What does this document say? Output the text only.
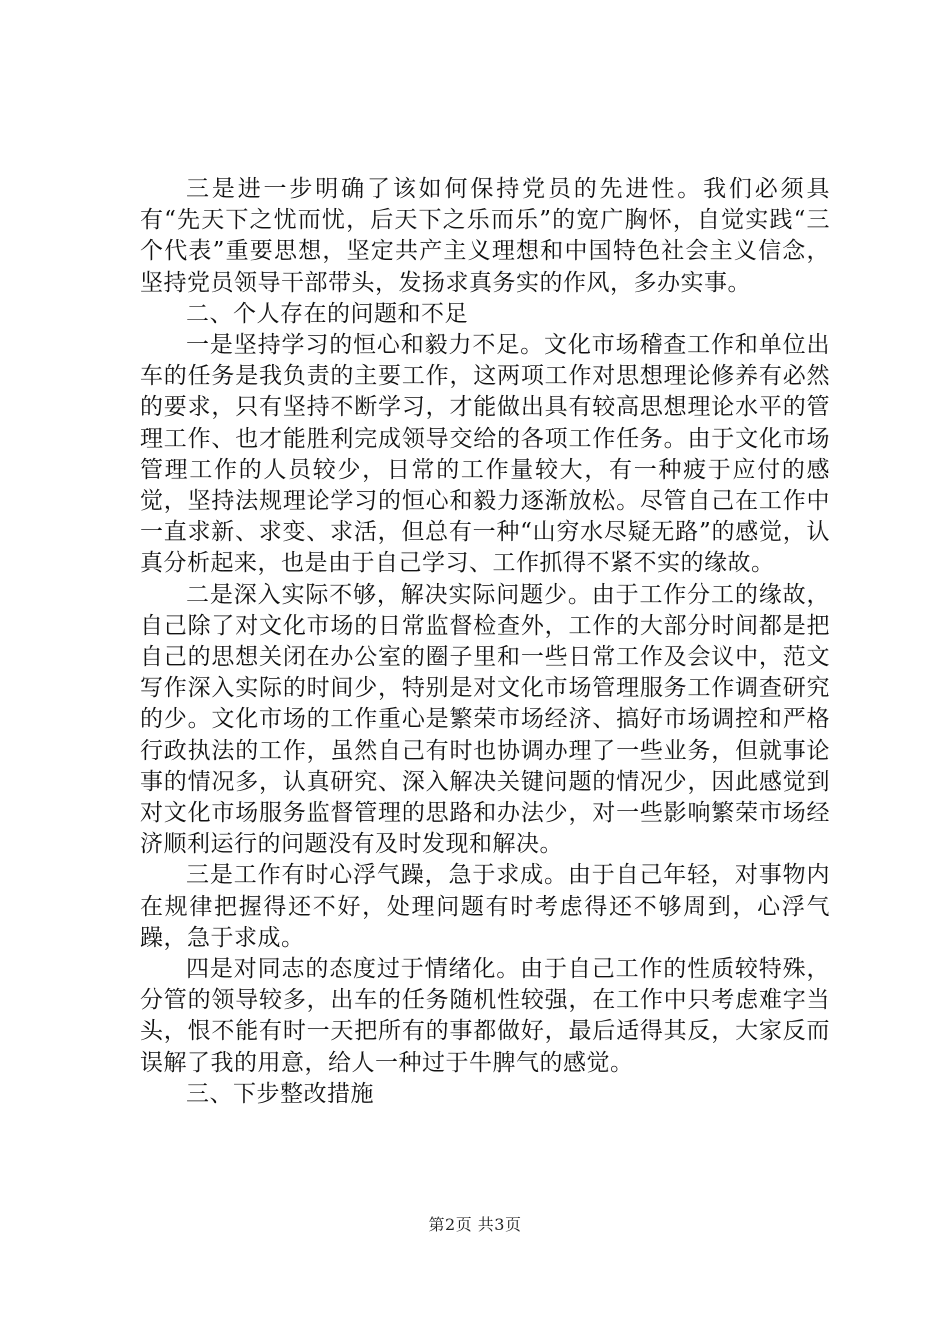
三是进一步明确了该如何保持党员的先进性。我们必须具有“先天下之忧而忧，后天下之乐而乐”的宽广胸怀，自觉实践“三个代表”重要思想，坚定共产主义理想和中国特色社会主义信念，坚持党员领导干部带头，发扬求真务实的作风，多办实事。

二、个人存在的问题和不足

一是坚持学习的恒心和毅力不足。文化市场稽查工作和单位出车的任务是我负责的主要工作，这两项工作对思想理论修养有必然的要求，只有坚持不断学习，才能做出具有较高思想理论水平的管理工作、也才能胜利完成领导交给的各项工作任务。由于文化市场管理工作的人员较少，日常的工作量较大，有一种疲于应付的感觉，坚持法规理论学习的恒心和毅力逐渐放松。尽管自己在工作中一直求新、求变、求活，但总有一种“山穷水尽疑无路”的感觉，认真分析起来，也是由于自己学习、工作抓得不紧不实的缘故。

二是深入实际不够，解决实际问题少。由于工作分工的缘故，自己除了对文化市场的日常监督检查外，工作的大部分时间都是把自己的思想关闭在办公室的圈子里和一些日常工作及会议中，范文写作深入实际的时间少，特别是对文化市场管理服务工作调查研究的少。文化市场的工作重心是繁荣市场经济、搞好市场调控和严格行政执法的工作，虽然自己有时也协调办理了一些业务，但就事论事的情况多，认真研究、深入解决关键问题的情况少，因此感觉到对文化市场服务监督管理的思路和办法少，对一些影响繁荣市场经济顺利运行的问题没有及时发现和解决。

三是工作有时心浮气躁，急于求成。由于自己年轻，对事物内在规律把握得还不好，处理问题有时考虑得还不够周到，心浮气躁，急于求成。

四是对同志的态度过于情绪化。由于自己工作的性质较特殊，分管的领导较多，出车的任务随机性较强，在工作中只考虑难字当头，恨不能有时一天把所有的事都做好，最后适得其反，大家反而误解了我的用意，给人一种过于牛脾气的感觉。

三、下步整改措施

第2页 共3页
